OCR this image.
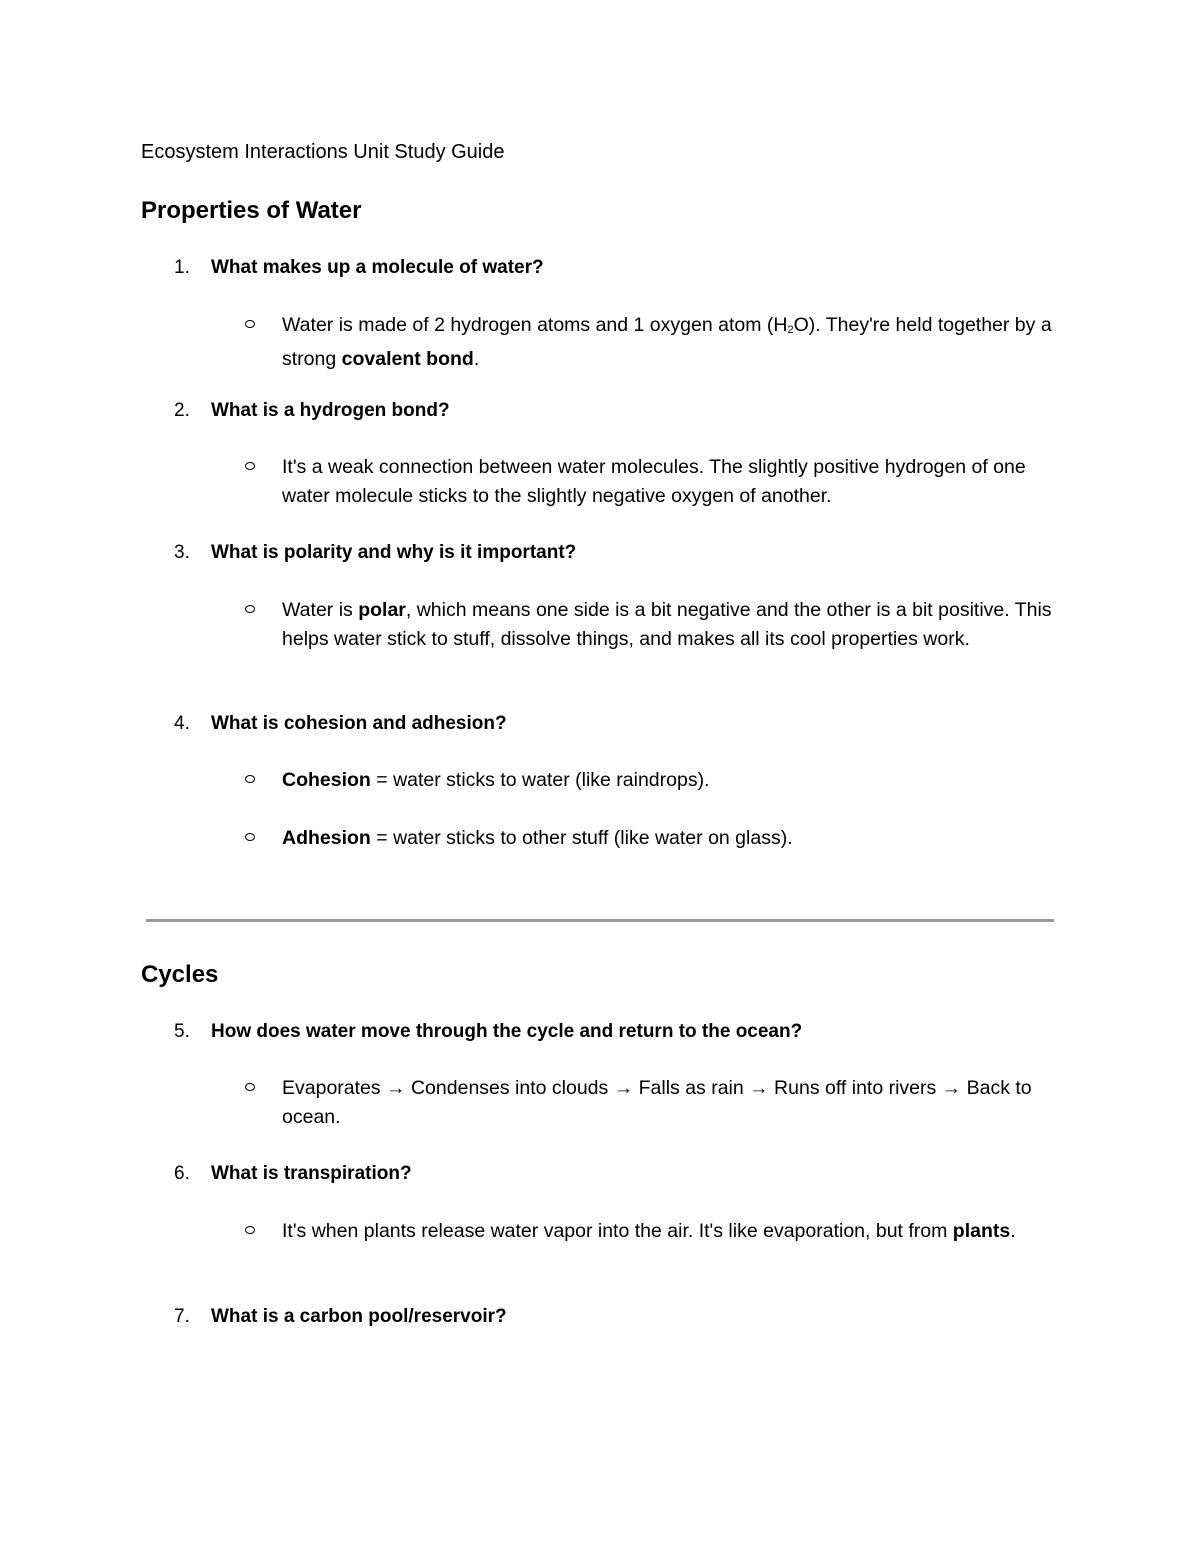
Ecosystem Interactions Unit Study Guide
Properties of Water
1. What makes up a molecule of water?
Water is made of 2 hydrogen atoms and 1 oxygen atom $(H_2O)$. They're held together by a strong covalent bond.
2. What is a hydrogen bond?
It's a weak connection between water molecules. The slightly positive hydrogen of one water molecule sticks to the slightly negative oxygen of another.
3. What is polarity and why is it important?
Water is polar, which means one side is a bit negative and the other is a bit positive. This helps water stick to stuff, dissolve things, and makes all its cool properties work.
4. What is cohesion and adhesion?
Cohesion = water sticks to water (like raindrops).
Adhesion = water sticks to other stuff (like water on glass).
Cycles
5. How does water move through the cycle and return to the ocean?
Evaporates → Condenses into clouds → Falls as rain → Runs off into rivers → Back to ocean.
6. What is transpiration?
It's when plants release water vapor into the air. It's like evaporation, but from plants.
7. What is a carbon pool/reservoir?
